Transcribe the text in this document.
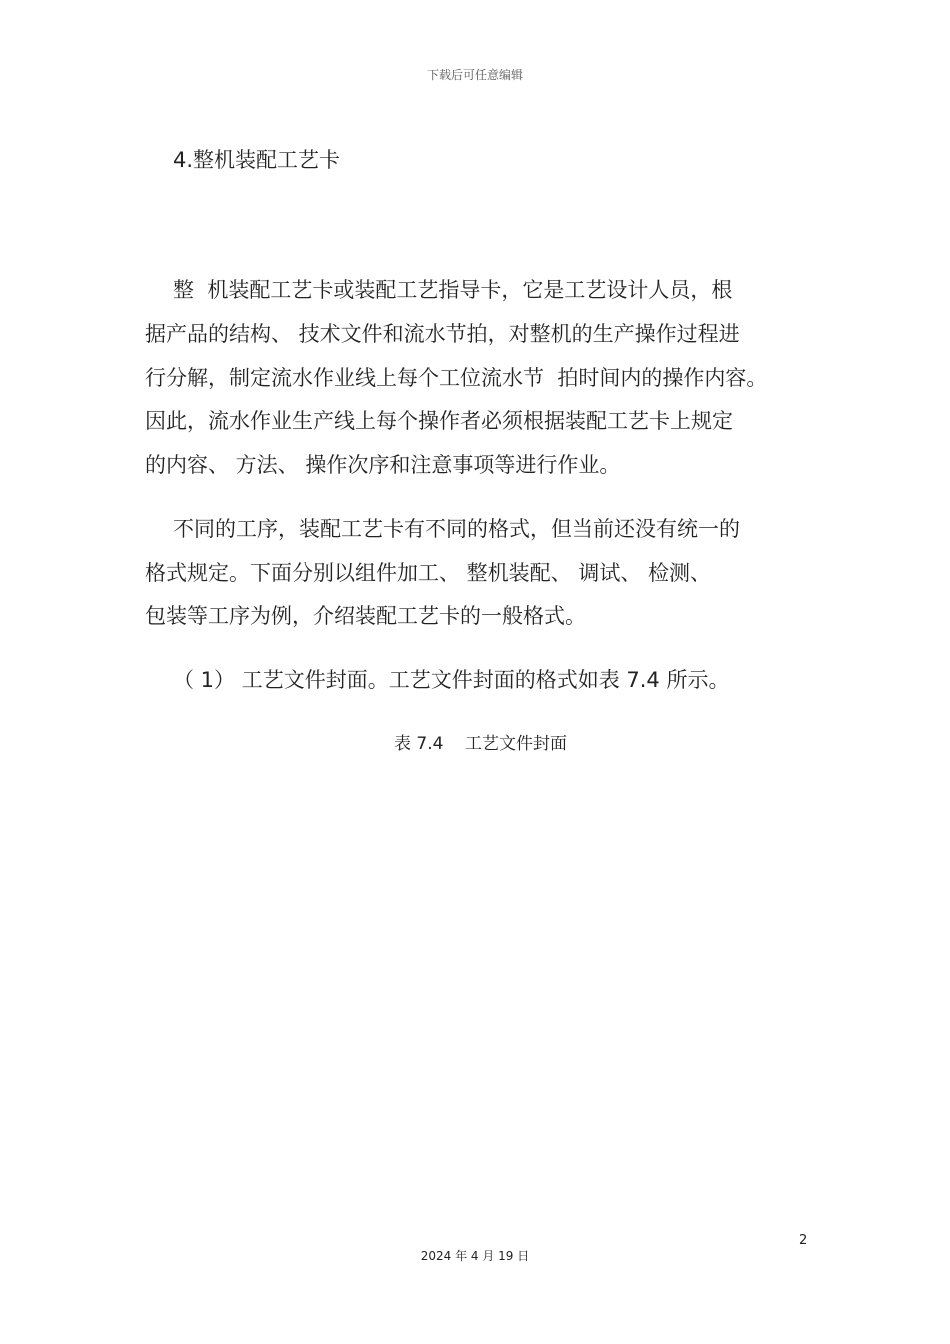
下载后可任意编辑
4.整机装配工艺卡
整  机装配工艺卡或装配工艺指导卡，它是工艺设计人员，根
据产品的结构、 技术文件和流水节拍，对整机的生产操作过程进
行分解，制定流水作业线上每个工位流水节  拍时间内的操作内容。
因此，流水作业生产线上每个操作者必须根据装配工艺卡上规定
的内容、 方法、 操作次序和注意事项等进行作业。
不同的工序，装配工艺卡有不同的格式，但当前还没有统一的
格式规定。下面分别以组件加工、 整机装配、 调试、 检测、
包装等工序为例，介绍装配工艺卡的一般格式。
（ 1） 工艺文件封面。工艺文件封面的格式如表 7.4 所示。
表 7.4    工艺文件封面
2
2024 年 4 月 19 日
